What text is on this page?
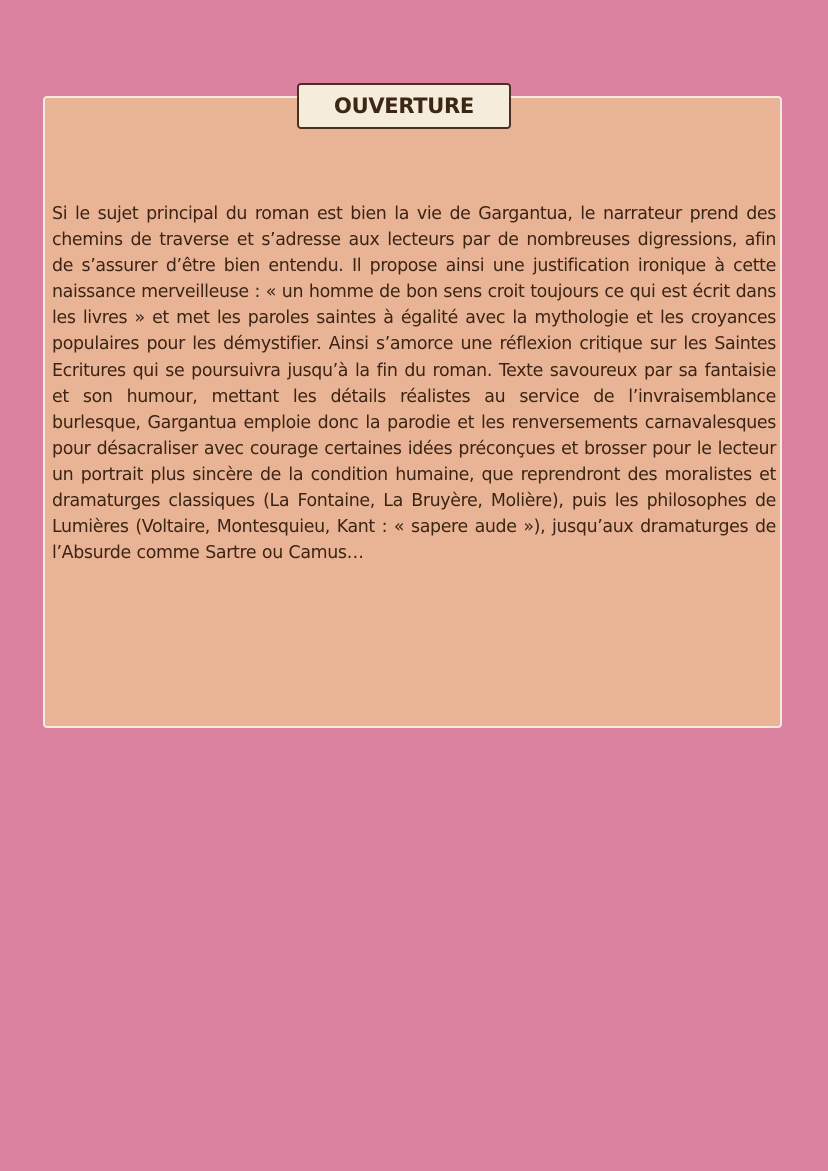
OUVERTURE

Si le sujet principal du roman est bien la vie de Gargantua, le narrateur prend des chemins de traverse et s’adresse aux lecteurs par de nombreuses digressions, afin de s’assurer d’être bien entendu. Il propose ainsi une justification ironique à cette naissance merveilleuse : « un homme de bon sens croit toujours ce qui est écrit dans les livres » et met les paroles saintes à égalité avec la mythologie et les croyances populaires pour les démystifier. Ainsi s’amorce une réflexion critique sur les Saintes Ecritures qui se poursuivra jusqu’à la fin du roman. Texte savoureux par sa fantaisie et son humour, mettant les détails réalistes au service de l’invraisemblance burlesque, Gargantua emploie donc la parodie et les renversements carnavalesques pour désacraliser avec courage certaines idées préconçues et brosser pour le lecteur un portrait plus sincère de la condition humaine, que reprendront des moralistes et dramaturges classiques (La Fontaine, La Bruyère, Molière), puis les philosophes de Lumières (Voltaire, Montesquieu, Kant : « sapere aude »), jusqu’aux dramaturges de l’Absurde comme Sartre ou Camus…
